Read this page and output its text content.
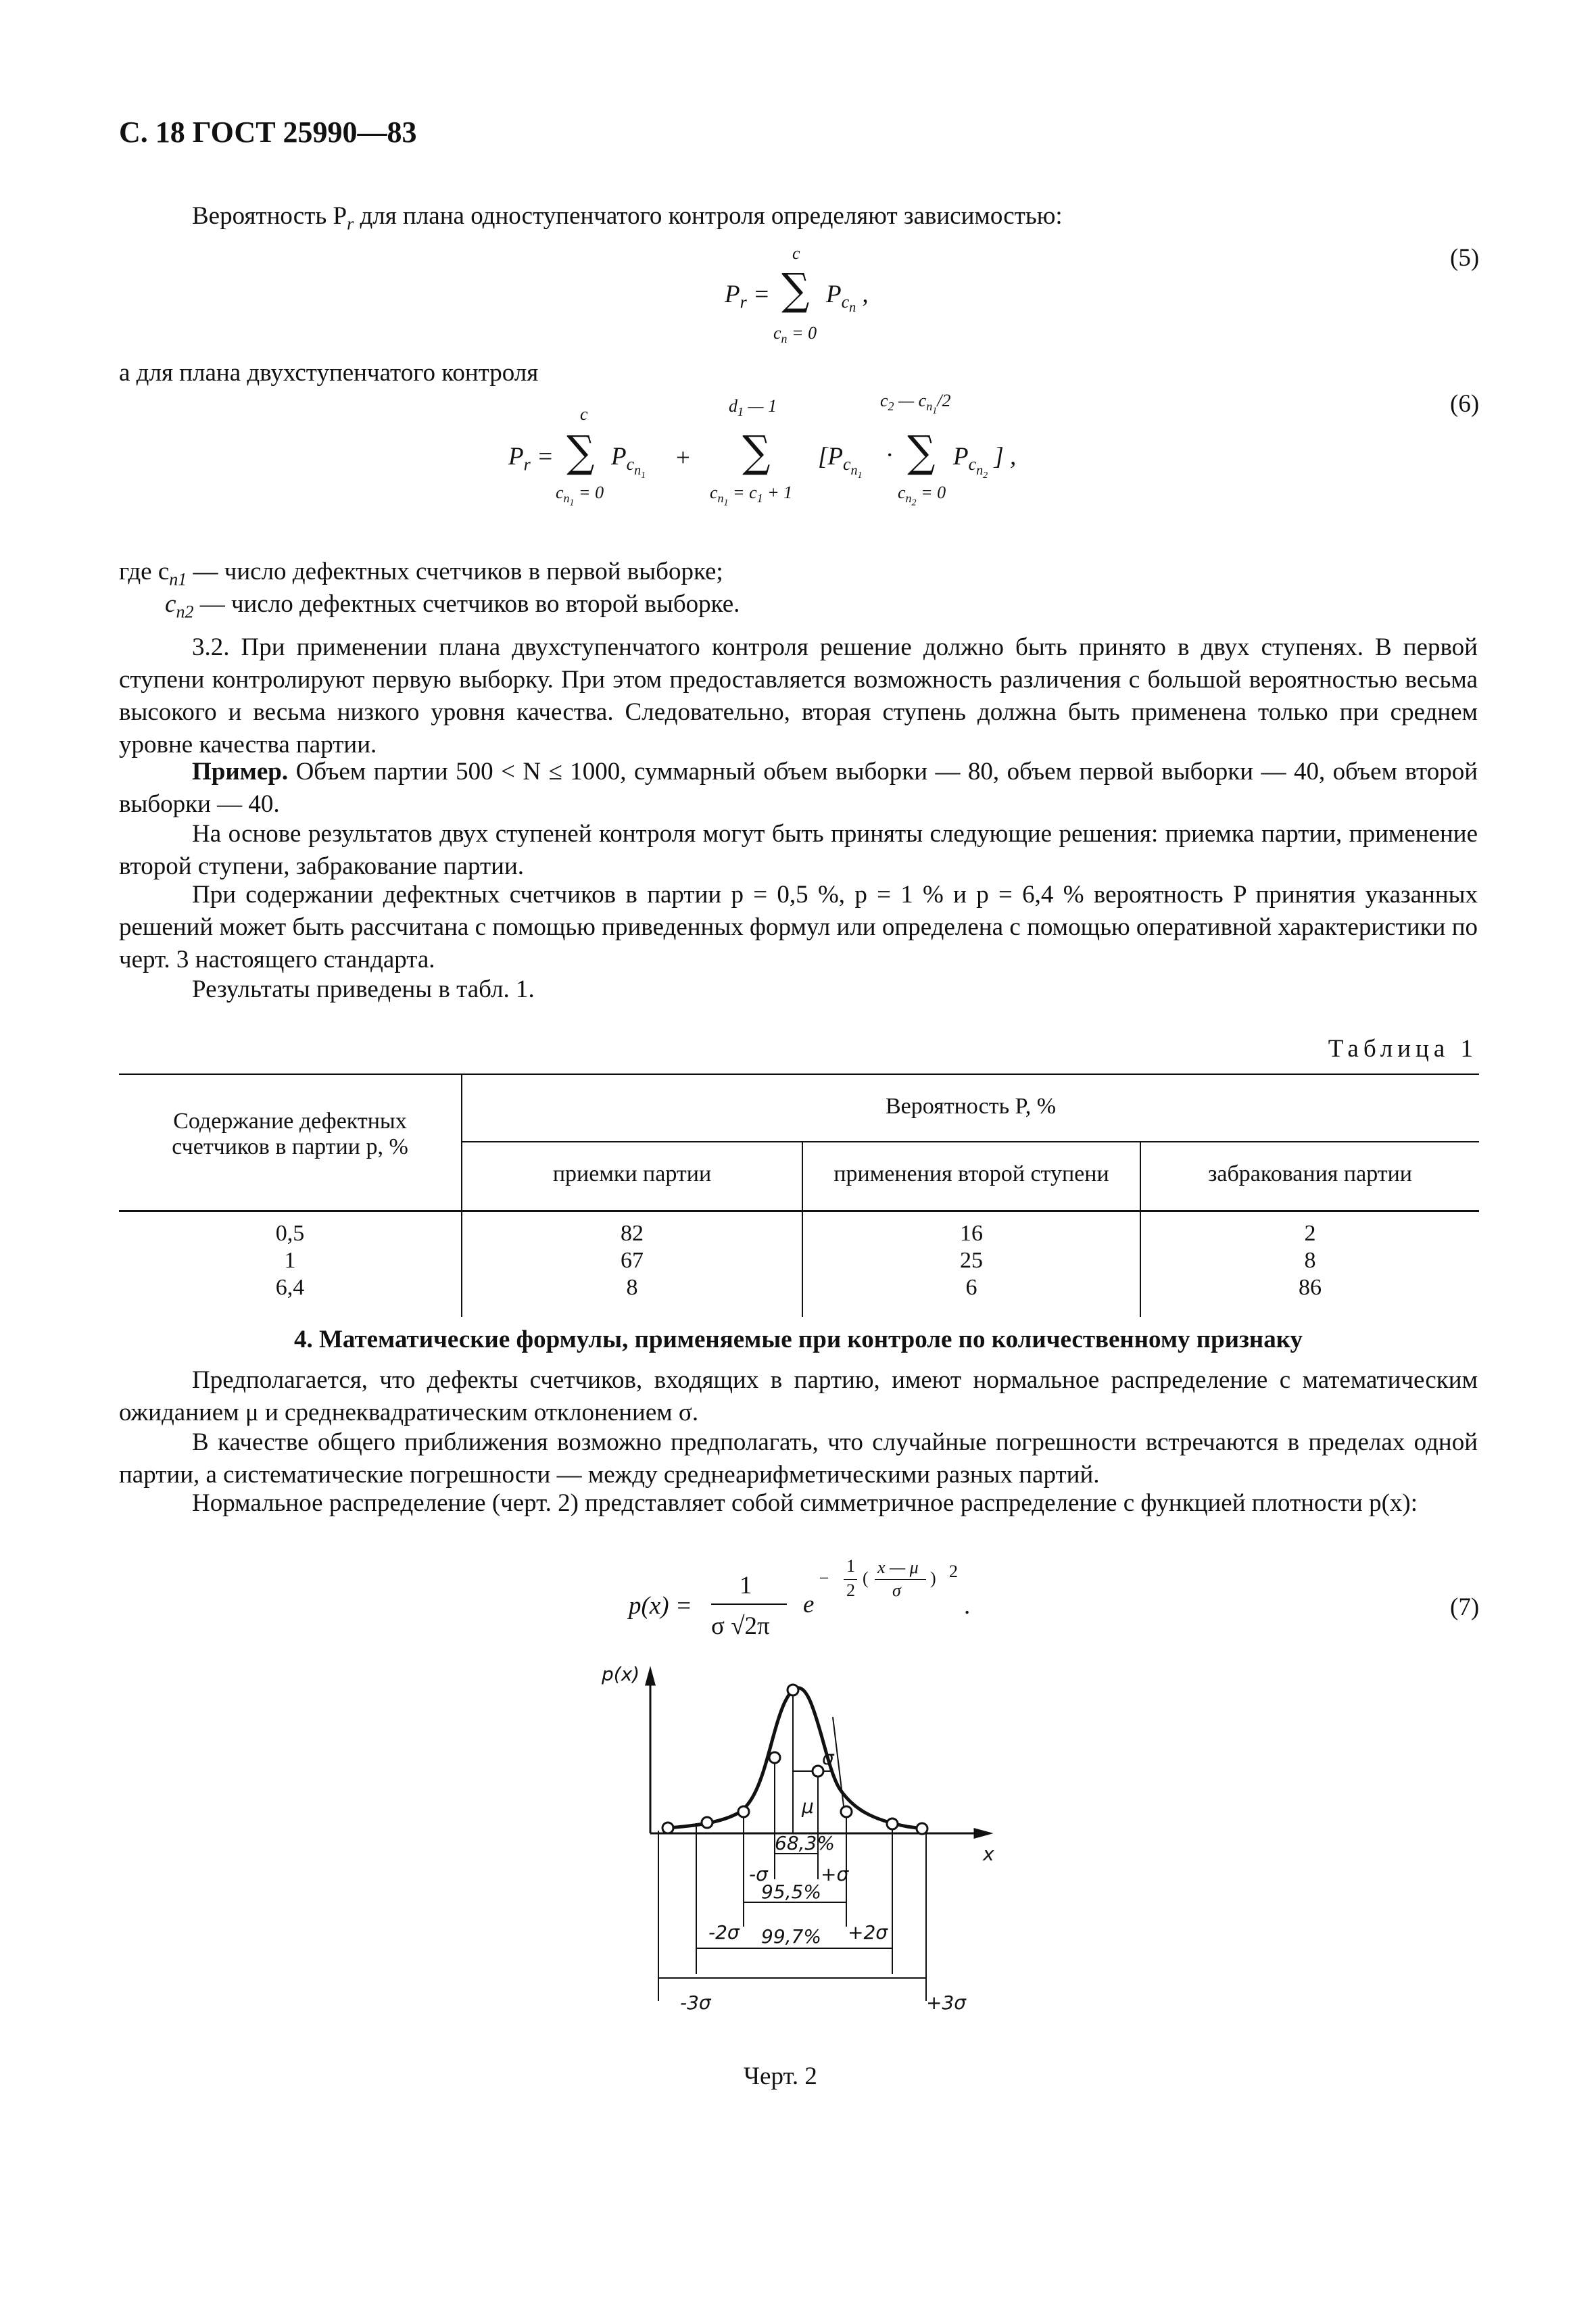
С. 18 ГОСТ 25990—83
Вероятность $P_r$ для плана одноступенчатого контроля определяют зависимостью:
c
$P_r$ = ∑ $P_{c_n}$ ,
$c_n = 0$
(5)
а для плана двухступенчатого контроля
c	$d_1$ — 1	$c_2$ — $c_{n_1}/2$
$P_r$ = ∑ $P_{c_{n_1}}$
+ ∑ [$P_{c_{n_1}}$
· ∑ $P_{c_{n_2}}$ ] ,
$c_{n_1} = 0$	$c_{n_1} = c_1 + 1$	$c_{n_2} = 0$
(6)
где $c_{n1}$ — число дефектных счетчиков в первой выборке;
$c_{n2}$ — число дефектных счетчиков во второй выборке.
3.2. При применении плана двухступенчатого контроля решение должно быть принято в двух ступенях. В первой ступени контролируют первую выборку. При этом предоставляется возможность различения с большой вероятностью весьма высокого и весьма низкого уровня качества. Следовательно, вторая ступень должна быть применена только при среднем уровне качества партии.
Пример. Объем партии 500 < N ≤ 1000, суммарный объем выборки — 80, объем первой выборки — 40, объем второй выборки — 40.
На основе результатов двух ступеней контроля могут быть приняты следующие решения: приемка партии, применение второй ступени, забракование партии.
При содержании дефектных счетчиков в партии p = 0,5 %, p = 1 % и p = 6,4 % вероятность P принятия указанных решений может быть рассчитана с помощью приведенных формул или определена с помощью оперативной характеристики по черт. 3 настоящего стандарта.
Результаты приведены в табл. 1.
Таблица 1
Содержание дефектных
счетчиков в партии p, %
Вероятность P, %
приемки партии	применения второй ступени	забракования партии
0,5	82	16	2
1	67	25	8
6,4	8	6	86
4. Математические формулы, применяемые при контроле по количественному признаку
Предполагается, что дефекты счетчиков, входящих в партию, имеют нормальное распределение с математическим ожиданием μ и среднеквадратическим отклонением σ.
В качестве общего приближения возможно предполагать, что случайные погрешности встречаются в пределах одной партии, а систематические погрешности — между среднеарифметическими разных партий.
Нормальное распределение (черт. 2) представляет собой симметричное распределение с функцией плотности p(x):
p(x) =
1
σ √2π
e
−
1
2
(
x — μ
σ
) 2
.	(7)
p(x)
x
σ
μ
68,3%
95,5%
99,7%
-σ	+σ
-2σ	+2σ
-3σ	+3σ
Черт. 2
